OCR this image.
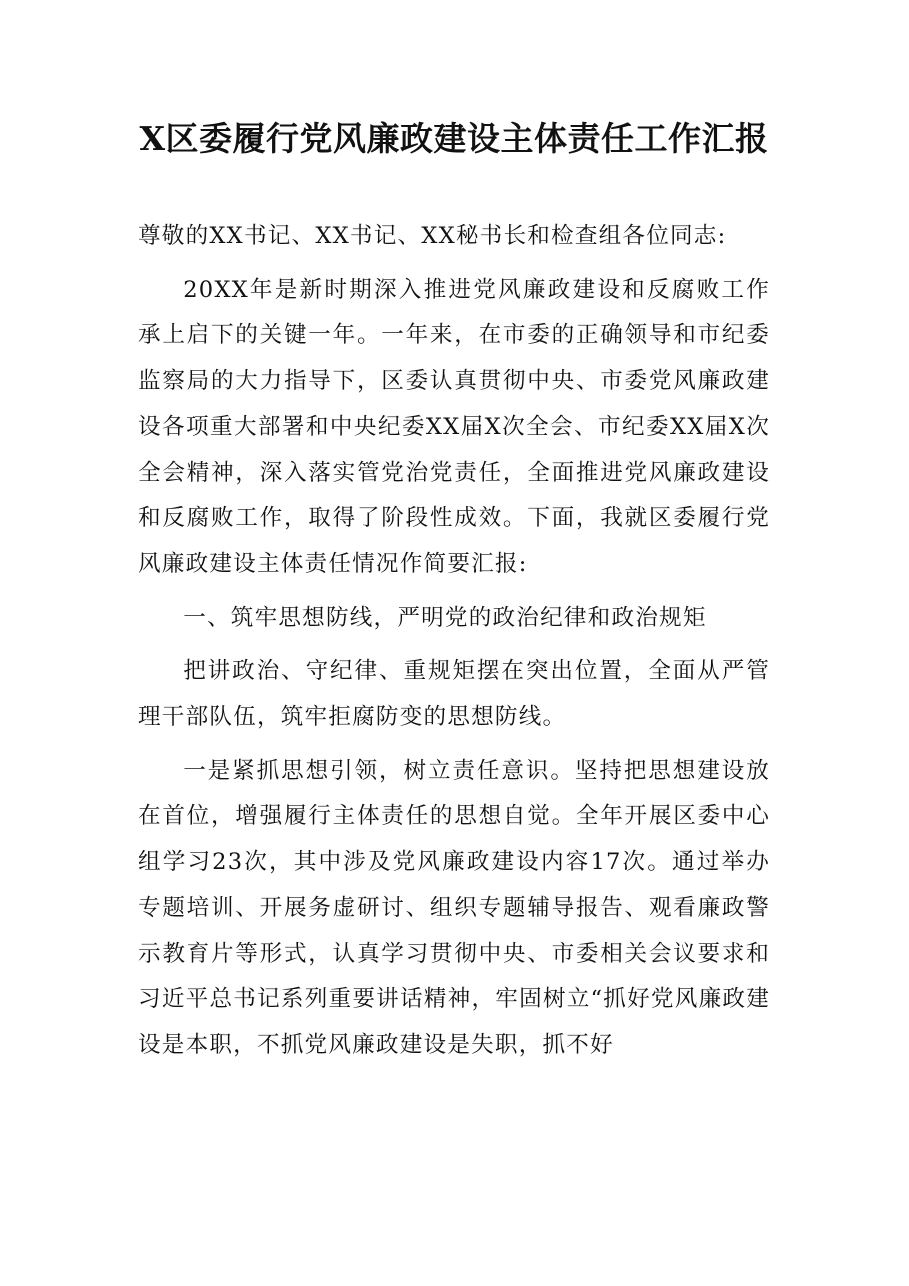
X区委履行党风廉政建设主体责任工作汇报

尊敬的XX书记、XX书记、XX秘书长和检查组各位同志:

20XX年是新时期深入推进党风廉政建设和反腐败工作承上启下的关键一年。一年来，在市委的正确领导和市纪委监察局的大力指导下，区委认真贯彻中央、市委党风廉政建设各项重大部署和中央纪委XX届X次全会、市纪委XX届X次全会精神，深入落实管党治党责任，全面推进党风廉政建设和反腐败工作，取得了阶段性成效。下面，我就区委履行党风廉政建设主体责任情况作简要汇报:

一、筑牢思想防线，严明党的政治纪律和政治规矩

把讲政治、守纪律、重规矩摆在突出位置，全面从严管理干部队伍，筑牢拒腐防变的思想防线。

一是紧抓思想引领，树立责任意识。坚持把思想建设放在首位，增强履行主体责任的思想自觉。全年开展区委中心组学习23次，其中涉及党风廉政建设内容17次。通过举办专题培训、开展务虚研讨、组织专题辅导报告、观看廉政警示教育片等形式，认真学习贯彻中央、市委相关会议要求和习近平总书记系列重要讲话精神，牢固树立“抓好党风廉政建设是本职，不抓党风廉政建设是失职，抓不好
